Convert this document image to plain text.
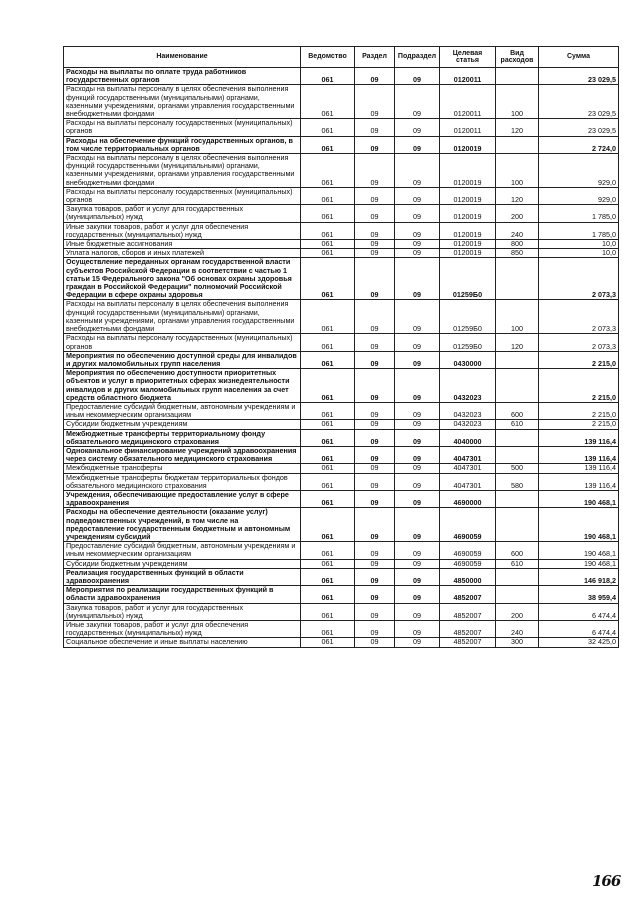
Наименование	Ведомство	Раздел	Подраздел	Целевая статья	Вид расходов	Сумма
Расходы на выплаты по оплате труда работников государственных органов	061	09	09	0120011		23 029,5
Расходы на выплаты персоналу в целях обеспечения выполнения функций государственными (муниципальными) органами, казенными учреждениями, органами управления государственными внебюджетными фондами	061	09	09	0120011	100	23 029,5
Расходы на выплаты персоналу государственных (муниципальных) органов	061	09	09	0120011	120	23 029,5
Расходы на обеспечение функций государственных органов, в том числе территориальных органов	061	09	09	0120019		2 724,0
Расходы на выплаты персоналу в целях обеспечения выполнения функций государственными (муниципальными) органами, казенными учреждениями, органами управления государственными внебюджетными фондами	061	09	09	0120019	100	929,0
Расходы на выплаты персоналу государственных (муниципальных) органов	061	09	09	0120019	120	929,0
Закупка товаров, работ и услуг для государственных (муниципальных) нужд	061	09	09	0120019	200	1 785,0
Иные закупки товаров, работ и услуг для обеспечения государственных (муниципальных) нужд	061	09	09	0120019	240	1 785,0
Иные бюджетные ассигнования	061	09	09	0120019	800	10,0
Уплата налогов, сборов и иных платежей	061	09	09	0120019	850	10,0
Осуществление переданных органам государственной власти субъектов Российской Федерации в соответствии с частью 1 статьи 15 Федерального закона "Об основах охраны здоровья граждан в Российской Федерации" полномочий Российской Федерации в сфере охраны здоровья	061	09	09	01259Б0		2 073,3
Расходы на выплаты персоналу в целях обеспечения выполнения функций государственными (муниципальными) органами, казенными учреждениями, органами управления государственными внебюджетными фондами	061	09	09	01259Б0	100	2 073,3
Расходы на выплаты персоналу государственных (муниципальных) органов	061	09	09	01259Б0	120	2 073,3
Мероприятия по обеспечению доступной среды для инвалидов и других маломобильных групп населения	061	09	09	0430000		2 215,0
Мероприятия по обеспечению доступности приоритетных объектов и услуг в приоритетных сферах жизнедеятельности инвалидов и других маломобильных групп населения за счет средств областного бюджета	061	09	09	0432023		2 215,0
Предоставление субсидий бюджетным, автономным учреждениям и иным некоммерческим организациям	061	09	09	0432023	600	2 215,0
Субсидии бюджетным учреждениям	061	09	09	0432023	610	2 215,0
Межбюджетные трансферты территориальному фонду обязательного медицинского страхования	061	09	09	4040000		139 116,4
Одноканальное финансирование учреждений здравоохранения через систему обязательного медицинского страхования	061	09	09	4047301		139 116,4
Межбюджетные трансферты	061	09	09	4047301	500	139 116,4
Межбюджетные трансферты бюджетам территориальных фондов обязательного медицинского страхования	061	09	09	4047301	580	139 116,4
Учреждения, обеспечивающие предоставление услуг в сфере здравоохранения	061	09	09	4690000		190 468,1
Расходы на обеспечение деятельности (оказание услуг) подведомственных учреждений, в том числе на предоставление государственным бюджетным и автономным учреждениям субсидий	061	09	09	4690059		190 468,1
Предоставление субсидий бюджетным, автономным учреждениям и иным некоммерческим организациям	061	09	09	4690059	600	190 468,1
Субсидии бюджетным учреждениям	061	09	09	4690059	610	190 468,1
Реализация государственных функций в области здравоохранения	061	09	09	4850000		146 918,2
Мероприятия по реализации государственных функций в области здравоохранения	061	09	09	4852007		38 959,4
Закупка товаров, работ и услуг для государственных (муниципальных) нужд	061	09	09	4852007	200	6 474,4
Иные закупки товаров, работ и услуг для обеспечения государственных (муниципальных) нужд	061	09	09	4852007	240	6 474,4
Социальное обеспечение и иные выплаты населению	061	09	09	4852007	300	32 425,0
166
